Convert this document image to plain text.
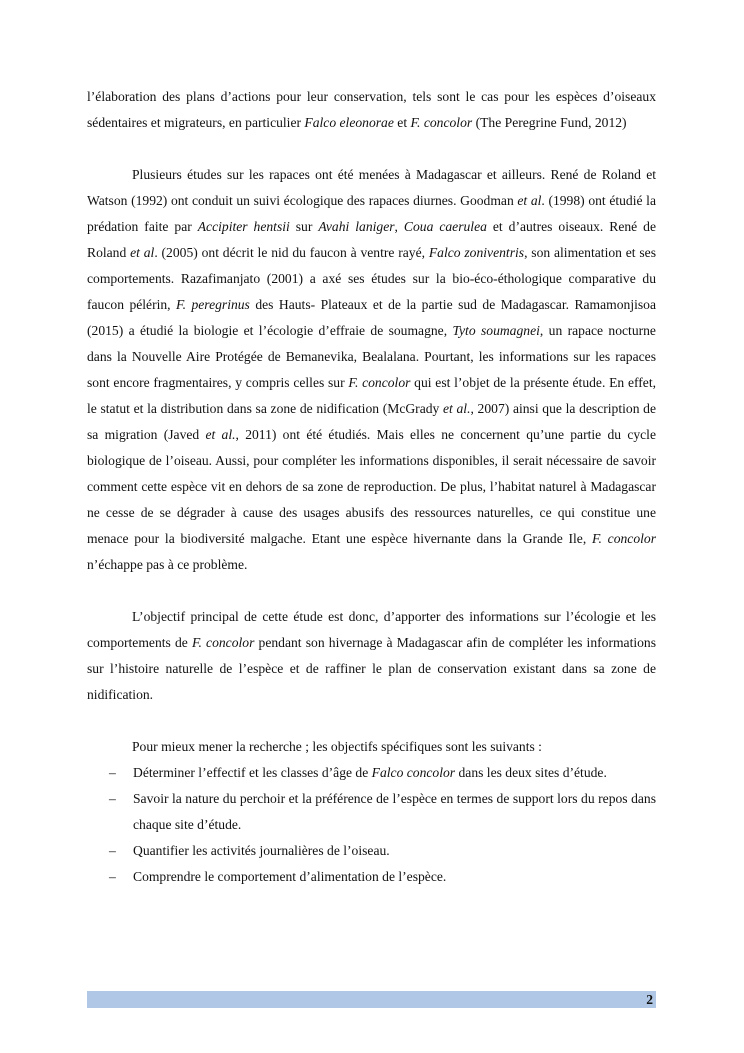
l’élaboration des plans d’actions pour leur conservation, tels sont le cas pour les espèces d’oiseaux sédentaires et migrateurs, en particulier Falco eleonorae et F. concolor (The Peregrine Fund, 2012)

Plusieurs études sur les rapaces ont été menées à Madagascar et ailleurs. René de Roland et Watson (1992) ont conduit un suivi écologique des rapaces diurnes. Goodman et al. (1998) ont étudié la prédation faite par Accipiter hentsii sur Avahi laniger, Coua caerulea et d’autres oiseaux. René de Roland et al. (2005) ont décrit le nid du faucon à ventre rayé, Falco zoniventris, son alimentation et ses comportements. Razafimanjato (2001) a axé ses études sur la bio-éco-éthologique comparative du faucon pélérin, F. peregrinus des Hauts- Plateaux et de la partie sud de Madagascar. Ramamonjisoa (2015) a étudié la biologie et l’écologie d’effraie de soumagne, Tyto soumagnei, un rapace nocturne dans la Nouvelle Aire Protégée de Bemanevika, Bealalana. Pourtant, les informations sur les rapaces sont encore fragmentaires, y compris celles sur F. concolor qui est l’objet de la présente étude. En effet, le statut et la distribution dans sa zone de nidification (McGrady et al., 2007) ainsi que la description de sa migration (Javed et al., 2011) ont été étudiés. Mais elles ne concernent qu’une partie du cycle biologique de l’oiseau. Aussi, pour compléter les informations disponibles, il serait nécessaire de savoir comment cette espèce vit en dehors de sa zone de reproduction. De plus, l’habitat naturel à Madagascar ne cesse de se dégrader à cause des usages abusifs des ressources naturelles, ce qui constitue une menace pour la biodiversité malgache. Etant une espèce hivernante dans la Grande Ile, F. concolor n’échappe pas à ce problème.

L’objectif principal de cette étude est donc, d’apporter des informations sur l’écologie et les comportements de F. concolor pendant son hivernage à Madagascar afin de compléter les informations sur l’histoire naturelle de l’espèce et de raffiner le plan de conservation existant dans sa zone de nidification.

Pour mieux mener la recherche ; les objectifs spécifiques sont les suivants :

– Déterminer l’effectif et les classes d’âge de Falco concolor dans les deux sites d’étude.
– Savoir la nature du perchoir et la préférence de l’espèce en termes de support lors du repos dans chaque site d’étude.
– Quantifier les activités journalières de l’oiseau.
– Comprendre le comportement d’alimentation de l’espèce.
2
